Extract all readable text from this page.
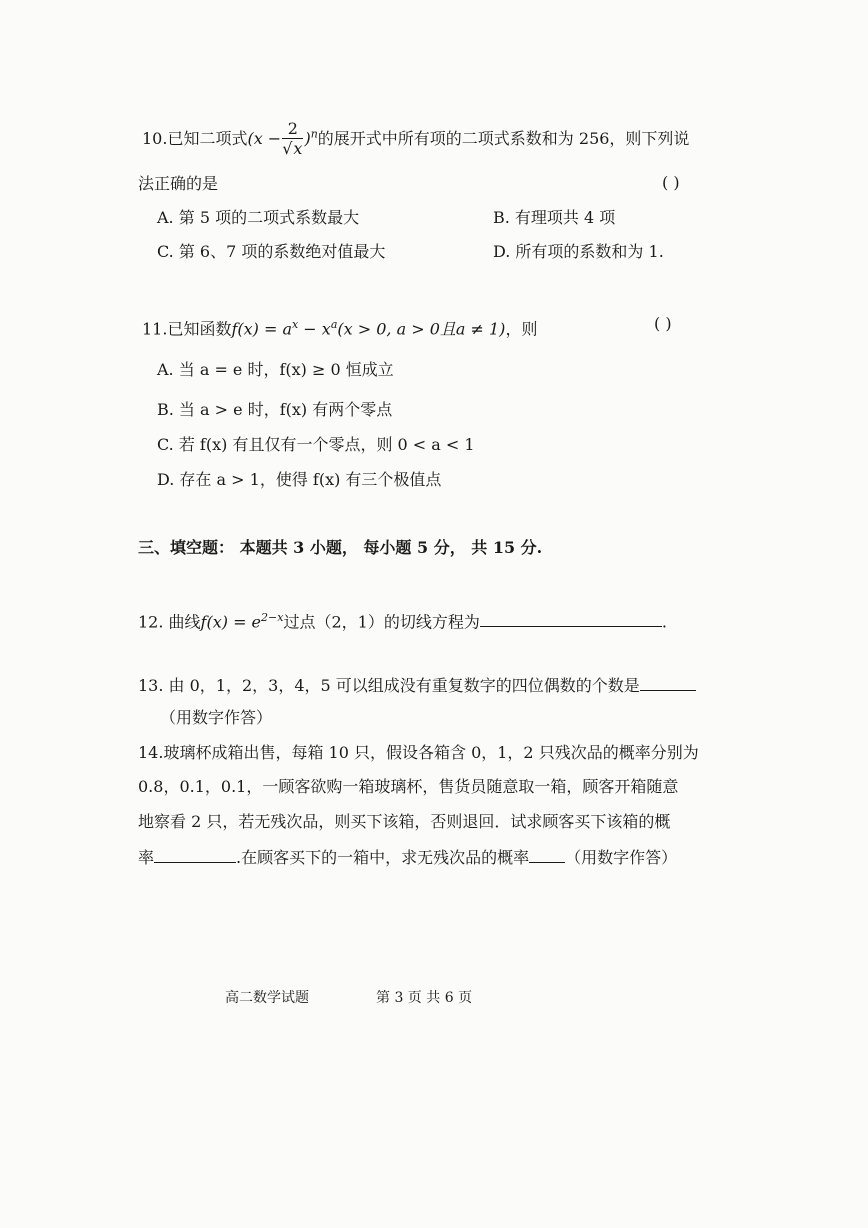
10.已知二项式$(x - \frac{2}{√x} )^n$的展开式中所有项的二项式系数和为 256，则下列说
法正确的是	( )
A. 第 5 项的二项式系数最大	B. 有理项共 4 项
C. 第 6、7 项的系数绝对值最大	D. 所有项的系数和为 1.
11.已知函数$f(x) = a^x - x^a(x > 0$, a > 0且a ≠ 1)，则	( )
A. 当 a = e 时，f(x) ≥ 0 恒成立
B. 当 a > e 时，f(x) 有两个零点
C. 若 f(x) 有且仅有一个零点，则 0 < a < 1
D. 存在 a > 1，使得 f(x) 有三个极值点
三、填空题： 本题共 3 小题， 每小题 5 分， 共 15 分.
12. 曲线$f(x) = e^{2-x}$过点（2，1）的切线方程为	.
13. 由 0，1，2，3，4，5 可以组成没有重复数字的四位偶数的个数是
（用数字作答）
14.玻璃杯成箱出售，每箱 10 只，假设各箱含 0，1，2 只残次品的概率分别为
0.8，0.1，0.1，一顾客欲购一箱玻璃杯，售货员随意取一箱，顾客开箱随意
地察看 2 只，若无残次品，则买下该箱，否则退回．试求顾客买下该箱的概
率	.在顾客买下的一箱中，求无残次品的概率 （用数字作答）
高二数学试题	第 3 页 共 6 页
